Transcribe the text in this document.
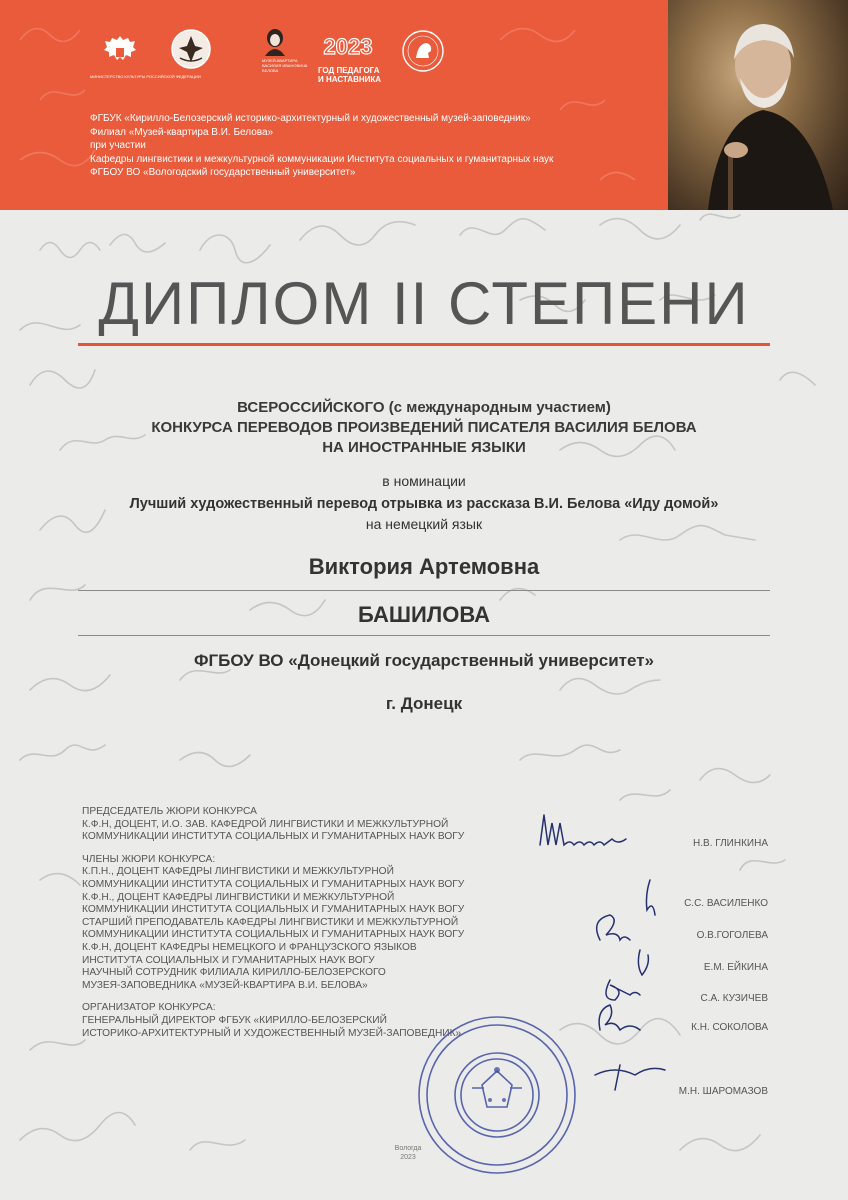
МИНИСТЕРСТВО КУЛЬТУРЫ РОССИЙСКОЙ ФЕДЕРАЦИИ
МУЗЕЙ-КВАРТИРА ВАСИЛИЯ ИВАНОВИЧА БЕЛОВА
2023
ГОД ПЕДАГОГА
И НАСТАВНИКА
ФГБУК «Кирилло-Белозерский историко-архитектурный и художественный музей-заповедник»
Филиал «Музей-квартира В.И. Белова»
при участии
Кафедры лингвистики и межкультурной коммуникации Института социальных и гуманитарных наук
ФГБОУ ВО «Вологодский государственный университет»
ДИПЛОМ II СТЕПЕНИ
ВСЕРОССИЙСКОГО (с международным участием)
КОНКУРСА ПЕРЕВОДОВ ПРОИЗВЕДЕНИЙ ПИСАТЕЛЯ ВАСИЛИЯ БЕЛОВА
НА ИНОСТРАННЫЕ ЯЗЫКИ
в номинации
Лучший художественный перевод отрывка из рассказа В.И. Белова «Иду домой»
на немецкий язык
Виктория Артемовна
БАШИЛОВА
ФГБОУ ВО «Донецкий государственный университет»
г. Донецк
ПРЕДСЕДАТЕЛЬ ЖЮРИ КОНКУРСА
К.Ф.Н, ДОЦЕНТ, И.О. ЗАВ. КАФЕДРОЙ ЛИНГВИСТИКИ И МЕЖКУЛЬТУРНОЙ
КОММУНИКАЦИИ ИНСТИТУТА СОЦИАЛЬНЫХ И ГУМАНИТАРНЫХ НАУК ВОГУ
ЧЛЕНЫ ЖЮРИ КОНКУРСА:
К.П.Н., ДОЦЕНТ КАФЕДРЫ ЛИНГВИСТИКИ И МЕЖКУЛЬТУРНОЙ
КОММУНИКАЦИИ ИНСТИТУТА СОЦИАЛЬНЫХ И ГУМАНИТАРНЫХ НАУК ВОГУ
К.Ф.Н., ДОЦЕНТ КАФЕДРЫ ЛИНГВИСТИКИ И МЕЖКУЛЬТУРНОЙ
КОММУНИКАЦИИ ИНСТИТУТА СОЦИАЛЬНЫХ И ГУМАНИТАРНЫХ НАУК ВОГУ
СТАРШИЙ ПРЕПОДАВАТЕЛЬ КАФЕДРЫ ЛИНГВИСТИКИ И МЕЖКУЛЬТУРНОЙ
КОММУНИКАЦИИ ИНСТИТУТА СОЦИАЛЬНЫХ И ГУМАНИТАРНЫХ НАУК ВОГУ
К.Ф.Н, ДОЦЕНТ КАФЕДРЫ НЕМЕЦКОГО И ФРАНЦУЗСКОГО ЯЗЫКОВ
ИНСТИТУТА СОЦИАЛЬНЫХ И ГУМАНИТАРНЫХ НАУК ВОГУ
НАУЧНЫЙ СОТРУДНИК ФИЛИАЛА КИРИЛЛО-БЕЛОЗЕРСКОГО
МУЗЕЯ-ЗАПОВЕДНИКА «МУЗЕЙ-КВАРТИРА В.И. БЕЛОВА»
ОРГАНИЗАТОР КОНКУРСА:
ГЕНЕРАЛЬНЫЙ ДИРЕКТОР ФГБУК «КИРИЛЛО-БЕЛОЗЕРСКИЙ
ИСТОРИКО-АРХИТЕКТУРНЫЙ И ХУДОЖЕСТВЕННЫЙ МУЗЕЙ-ЗАПОВЕДНИК»
Вологда
2023
Н.В. ГЛИНКИНА
С.С. ВАСИЛЕНКО
О.В.ГОГОЛЕВА
Е.М. ЕЙКИНА
С.А. КУЗИЧЕВ
К.Н. СОКОЛОВА
М.Н. ШАРОМАЗОВ
